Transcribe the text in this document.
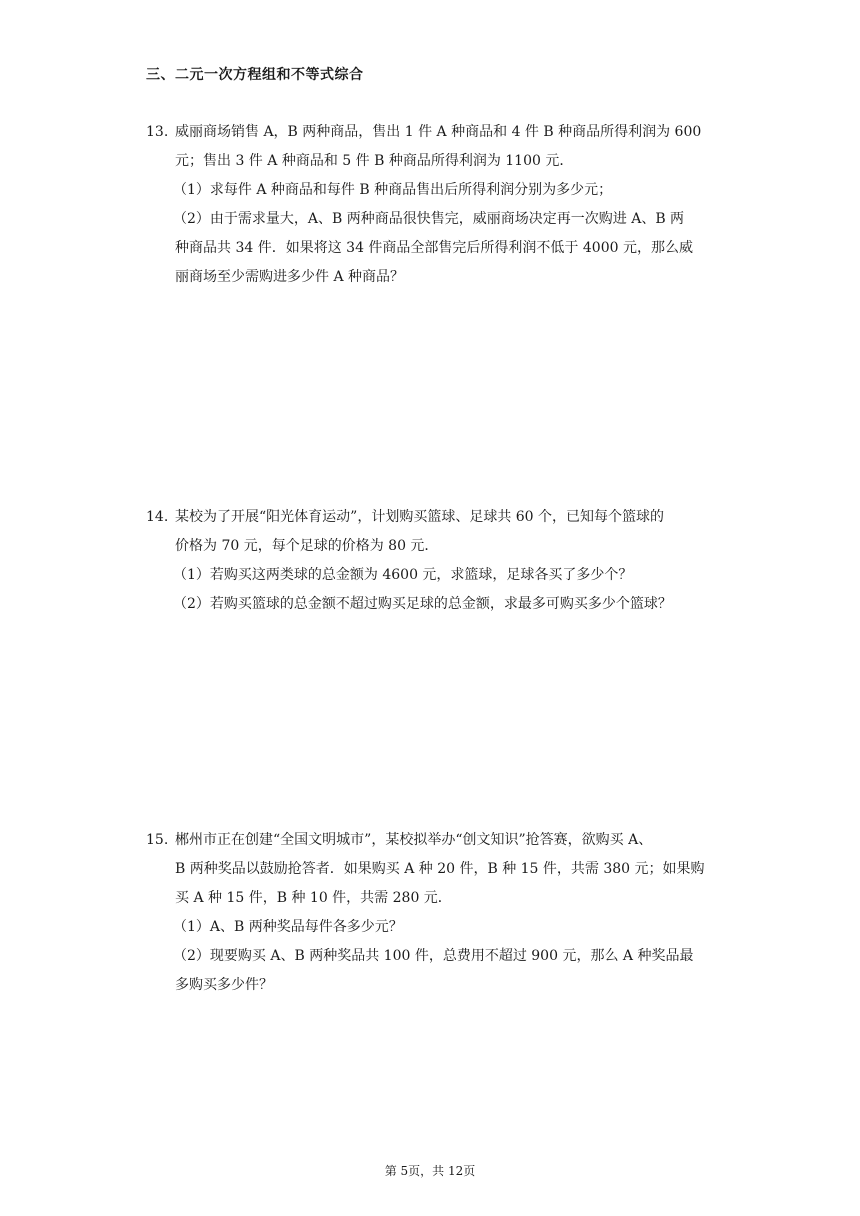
三、二元一次方程组和不等式综合
13. 威丽商场销售 A，B 两种商品，售出 1 件 A 种商品和 4 件 B 种商品所得利润为 600
元；售出 3 件 A 种商品和 5 件 B 种商品所得利润为 1100 元．
（1）求每件 A 种商品和每件 B 种商品售出后所得利润分别为多少元；
（2）由于需求量大，A、B 两种商品很快售完，威丽商场决定再一次购进 A、B 两
种商品共 34 件．如果将这 34 件商品全部售完后所得利润不低于 4000 元，那么威
丽商场至少需购进多少件 A 种商品？
14. 某校为了开展“阳光体育运动”，计划购买篮球、足球共 60 个，已知每个篮球的
价格为 70 元，每个足球的价格为 80 元．
（1）若购买这两类球的总金额为 4600 元，求篮球，足球各买了多少个？
（2）若购买篮球的总金额不超过购买足球的总金额，求最多可购买多少个篮球？
15. 郴州市正在创建“全国文明城市”，某校拟举办“创文知识”抢答赛，欲购买 A、
B 两种奖品以鼓励抢答者．如果购买 A 种 20 件，B 种 15 件，共需 380 元；如果购
买 A 种 15 件，B 种 10 件，共需 280 元．
（1）A、B 两种奖品每件各多少元？
（2）现要购买 A、B 两种奖品共 100 件，总费用不超过 900 元，那么 A 种奖品最
多购买多少件？
第 5页，共 12页
